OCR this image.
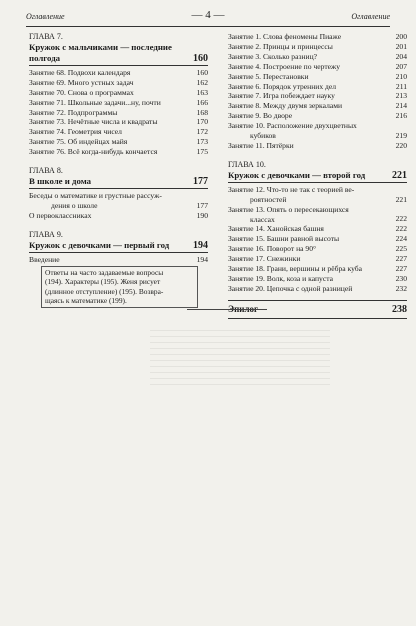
Оглавление	— 4 —	Оглавление
ГЛАВА 7.
Кружок с мальчиками — последние полгода	160
Занятие 68. Подвохи календаря	160
Занятие 69. Много устных задач	162
Занятие 70. Снова о программах	163
Занятие 71. Школьные задачи...ну, почти	166
Занятие 72. Подпрограммы	168
Занятие 73. Нечётные числа и квадраты	170
Занятие 74. Геометрия чисел	172
Занятие 75. Об индейцах майя	173
Занятие 76. Всё когда-нибудь кончается	175
ГЛАВА 8.
В школе и дома	177
Беседы о математике и грустные рассуж-
дения о школе	177
О первоклассниках	190
ГЛАВА 9.
Кружок с девочками — первый год	194
Введение	194
Ответы на часто задаваемые вопросы
(194). Характеры (195). Женя рисует
(длинное отступление) (195). Возвра-
щаясь к математике (199).
Занятие 1. Слова феномены Пиаже	200
Занятие 2. Принцы и принцессы	201
Занятие 3. Сколько разниц?	204
Занятие 4. Построение по чертежу	207
Занятие 5. Перестановки	210
Занятие 6. Порядок утренних дел	211
Занятие 7. Игра побеждает науку	213
Занятие 8. Между двумя зеркалами	214
Занятие 9. Во дворе	216
Занятие 10. Расположение двухцветных
кубиков	219
Занятие 11. Пятёрки	220
ГЛАВА 10.
Кружок с девочками — второй год	221
Занятие 12. Что-то не так с теорией ве-
роятностей	221
Занятие 13. Опять о пересекающихся
классах	222
Занятие 14. Ханойская башня	222
Занятие 15. Башни равной высоты	224
Занятие 16. Поворот на 90°	225
Занятие 17. Снежинки	227
Занятие 18. Грани, вершины и рёбра куба	227
Занятие 19. Волк, коза и капуста	230
Занятие 20. Цепочка с одной разницей	232
Эпилог	238
